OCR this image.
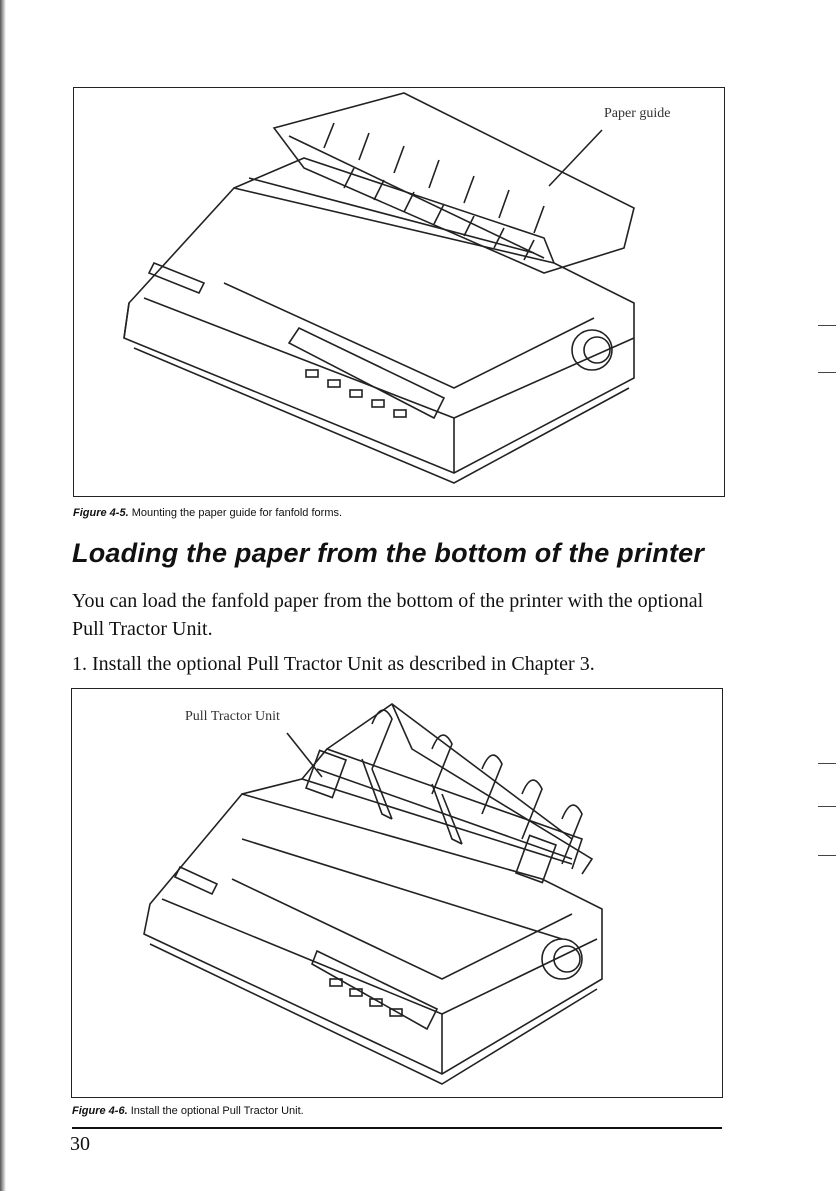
Paper guide
Figure 4-5. Mounting the paper guide for fanfold forms.
Loading the paper from the bottom of the printer
You can load the fanfold paper from the bottom of the printer with the optional Pull Tractor Unit.
1. Install the optional Pull Tractor Unit as described in Chapter 3.
Pull Tractor Unit
Figure 4-6. Install the optional Pull Tractor Unit.
30
